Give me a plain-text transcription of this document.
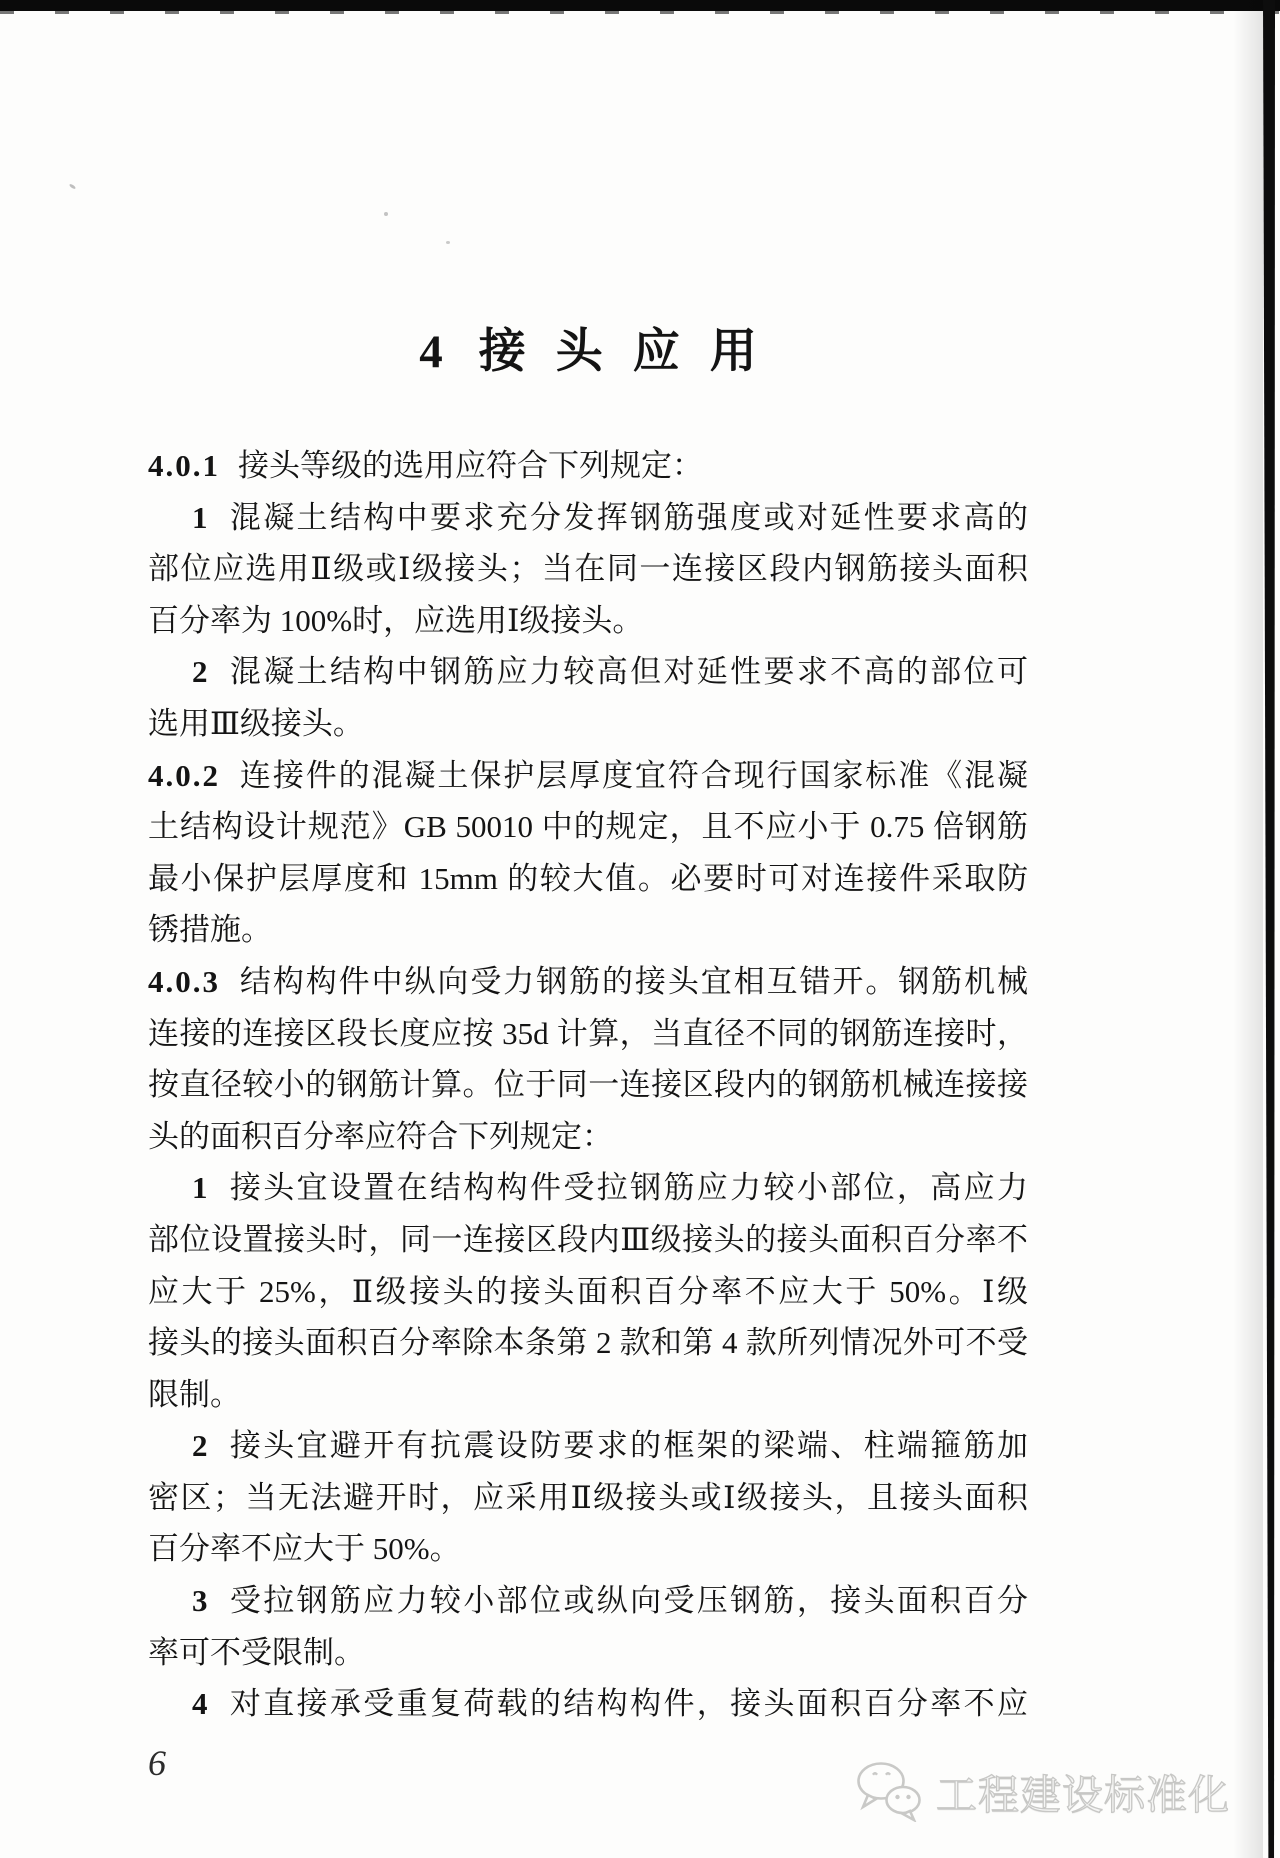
4 接头应用
4.0.1 接头等级的选用应符合下列规定：
1 混凝土结构中要求充分发挥钢筋强度或对延性要求高的
部位应选用Ⅱ级或Ⅰ级接头；当在同一连接区段内钢筋接头面积
百分率为 100%时，应选用Ⅰ级接头。
2 混凝土结构中钢筋应力较高但对延性要求不高的部位可
选用Ⅲ级接头。
4.0.2 连接件的混凝土保护层厚度宜符合现行国家标准《混凝
土结构设计规范》GB 50010 中的规定，且不应小于 0.75 倍钢筋
最小保护层厚度和 15mm 的较大值。必要时可对连接件采取防
锈措施。
4.0.3 结构构件中纵向受力钢筋的接头宜相互错开。钢筋机械
连接的连接区段长度应按 35d 计算，当直径不同的钢筋连接时，
按直径较小的钢筋计算。位于同一连接区段内的钢筋机械连接接
头的面积百分率应符合下列规定：
1 接头宜设置在结构构件受拉钢筋应力较小部位，高应力
部位设置接头时，同一连接区段内Ⅲ级接头的接头面积百分率不
应大于 25%，Ⅱ级接头的接头面积百分率不应大于 50%。Ⅰ级
接头的接头面积百分率除本条第 2 款和第 4 款所列情况外可不受
限制。
2 接头宜避开有抗震设防要求的框架的梁端、柱端箍筋加
密区；当无法避开时，应采用Ⅱ级接头或Ⅰ级接头，且接头面积
百分率不应大于 50%。
3 受拉钢筋应力较小部位或纵向受压钢筋，接头面积百分
率可不受限制。
4 对直接承受重复荷载的结构构件，接头面积百分率不应
6
工程建设标准化
